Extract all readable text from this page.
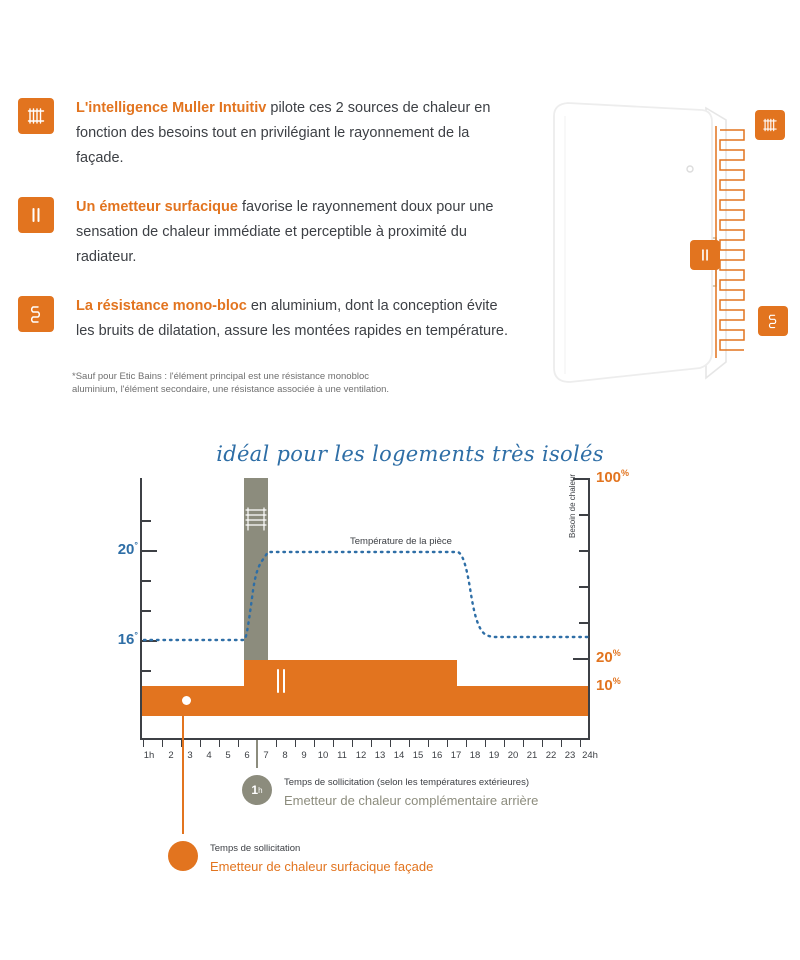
L'intelligence Muller Intuitiv pilote ces 2 sources de chaleur en fonction des besoins tout en privilégiant le rayonnement de la façade.
Un émetteur surfacique favorise le rayonnement doux pour une sensation de chaleur immédiate et perceptible à proximité du radiateur.
La résistance mono-bloc en aluminium, dont la conception évite les bruits de dilatation, assure les montées rapides en température.
*Sauf pour Etic Bains : l'élément principal est une résistance monobloc aluminium, l'élément secondaire, une résistance associée à une ventilation.
idéal pour les logements très isolés
20°
16°
100%
20%
10%
Besoin de chaleur
Température de la pièce
1h 2 3 4 5 6 7 8 9 10 11 12 13 14 15 16 17 18 19 20 21 22 23 24h
1 h
Temps de sollicitation (selon les températures extérieures)
Emetteur de chaleur complémentaire arrière
Temps de sollicitation
Emetteur de chaleur surfacique façade
